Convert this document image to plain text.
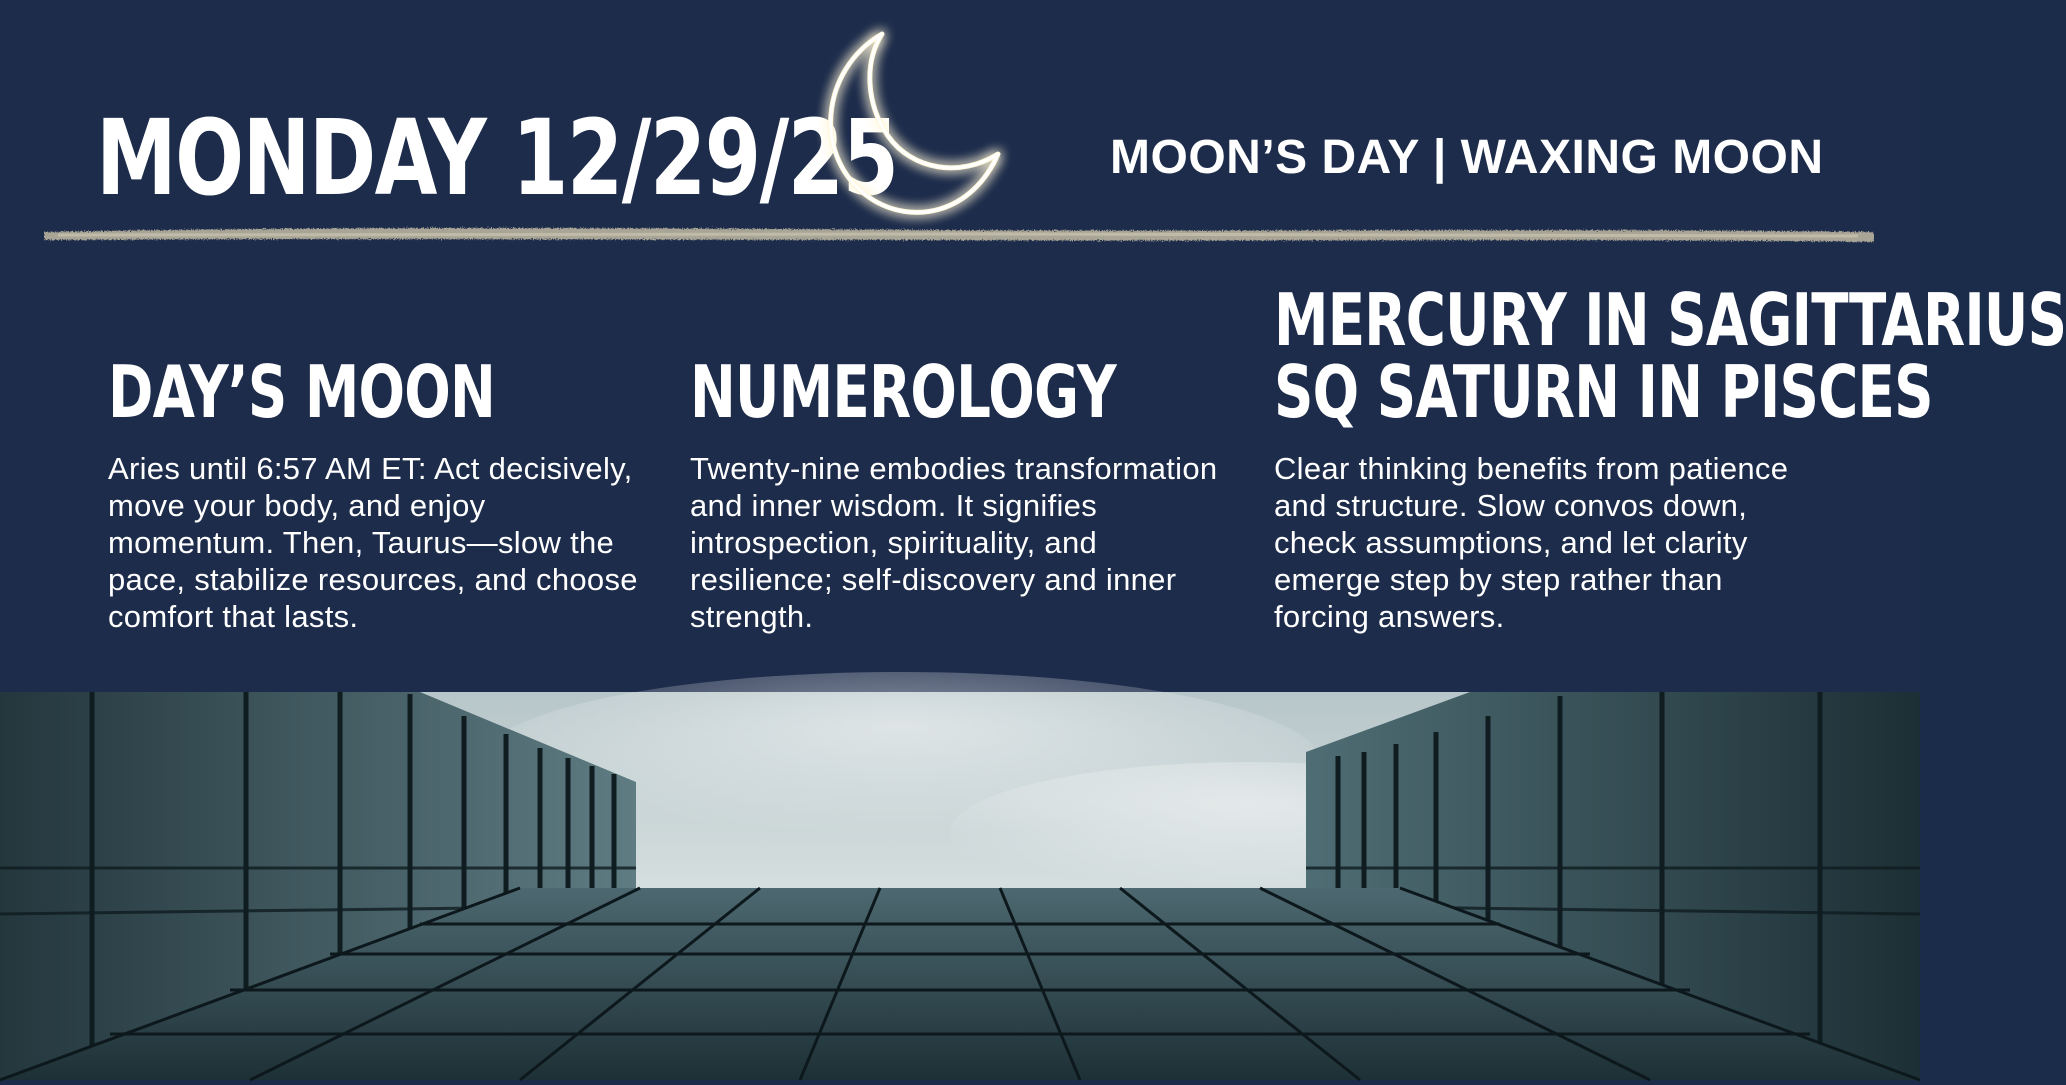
MONDAY 12/29/25	MOON’S DAY | WAXING MOON
DAY’S MOON
Aries until 6:57 AM ET: Act decisively, move your body, and enjoy momentum. Then, Taurus—slow the pace, stabilize resources, and choose comfort that lasts.
NUMEROLOGY
Twenty-nine embodies transformation and inner wisdom. It signifies introspection, spirituality, and resilience; self-discovery and inner strength.
MERCURY IN SAGITTARIUS
SQ SATURN IN PISCES
Clear thinking benefits from patience and structure. Slow convos down, check assumptions, and let clarity emerge step by step rather than forcing answers.
